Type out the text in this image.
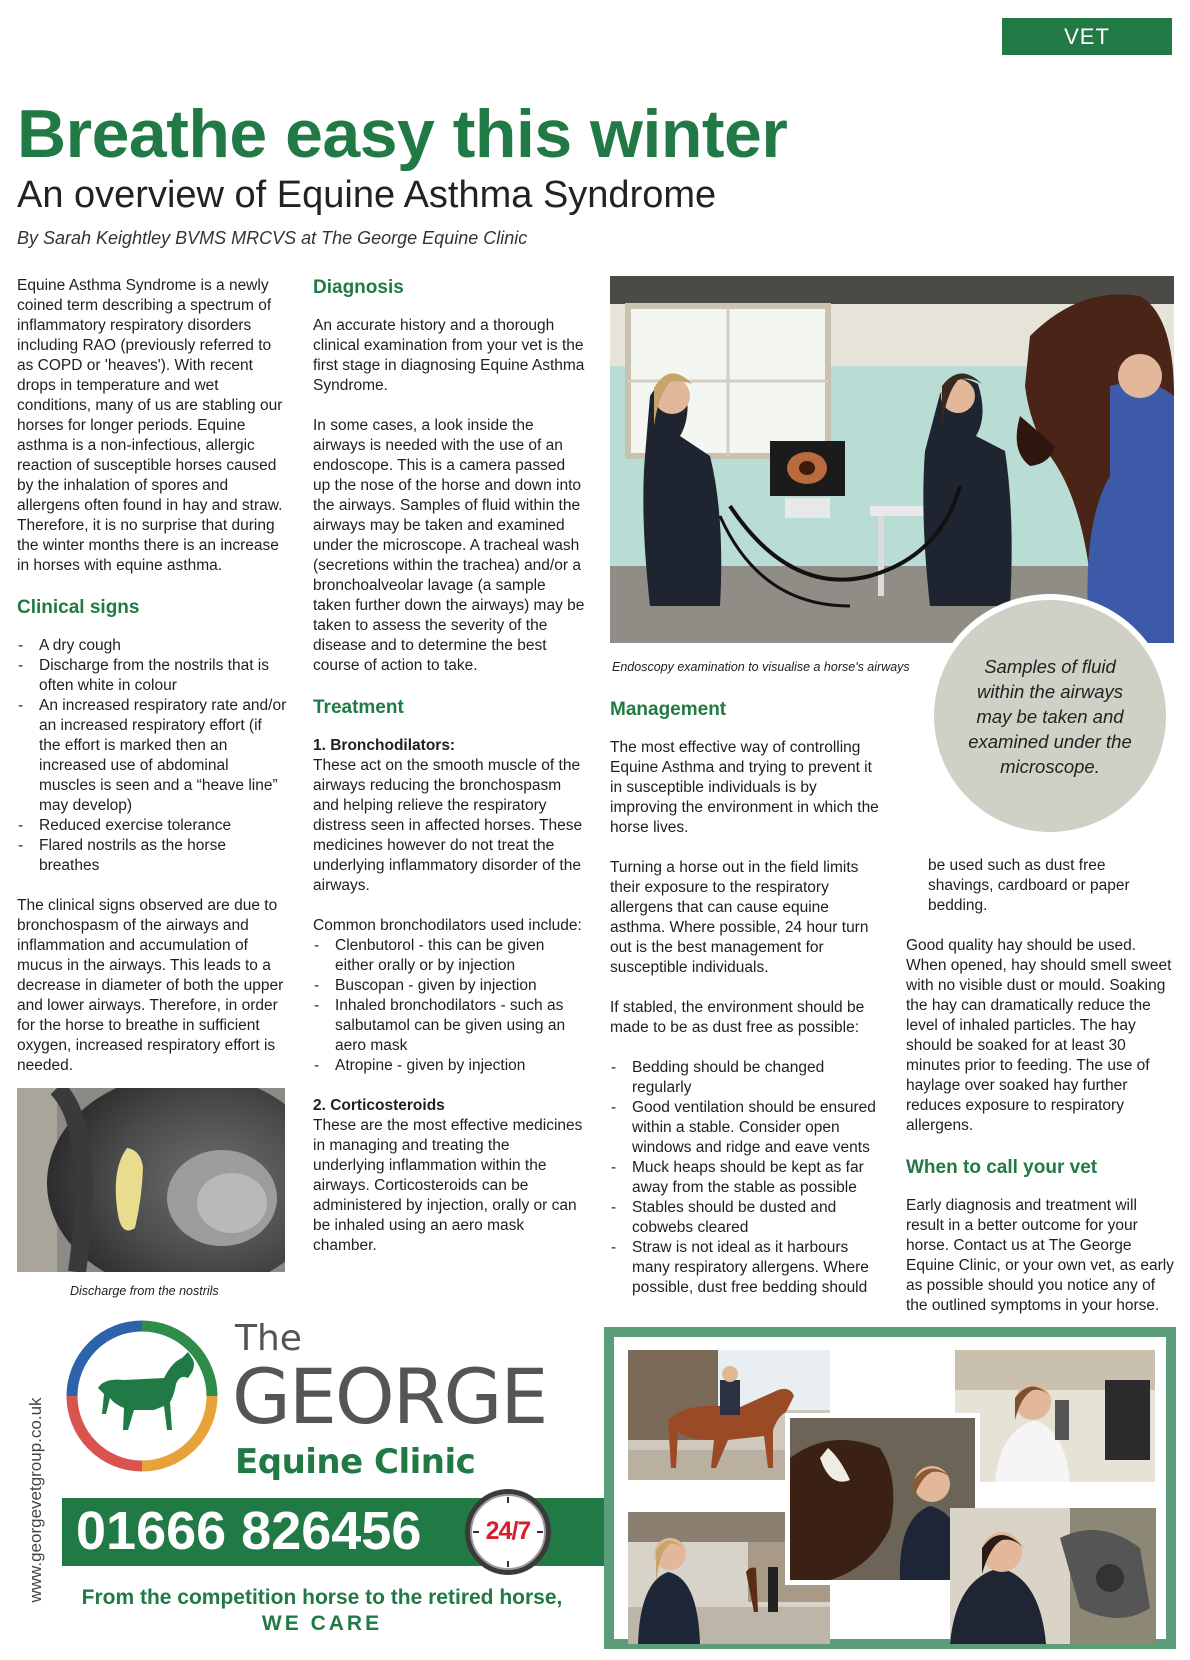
VET
Breathe easy this winter
An overview of Equine Asthma Syndrome
By Sarah Keightley BVMS MRCVS at The George Equine Clinic

Equine Asthma Syndrome is a newly coined term describing a spectrum of inflammatory respiratory disorders including RAO (previously referred to as COPD or 'heaves'). With recent drops in temperature and wet conditions, many of us are stabling our horses for longer periods. Equine asthma is a non-infectious, allergic reaction of susceptible horses caused by the inhalation of spores and allergens often found in hay and straw. Therefore, it is no surprise that during the winter months there is an increase in horses with equine asthma.

Clinical signs
- A dry cough
- Discharge from the nostrils that is often white in colour
- An increased respiratory rate and/or an increased respiratory effort (if the effort is marked then an increased use of abdominal muscles is seen and a “heave line” may develop)
- Reduced exercise tolerance
- Flared nostrils as the horse breathes

The clinical signs observed are due to bronchospasm of the airways and inflammation and accumulation of mucus in the airways. This leads to a decrease in diameter of both the upper and lower airways. Therefore, in order for the horse to breathe in sufficient oxygen, increased respiratory effort is needed.

Discharge from the nostrils
Diagnosis

An accurate history and a thorough clinical examination from your vet is the first stage in diagnosing Equine Asthma Syndrome.

In some cases, a look inside the airways is needed with the use of an endoscope. This is a camera passed up the nose of the horse and down into the airways. Samples of fluid within the airways may be taken and examined under the microscope. A tracheal wash (secretions within the trachea) and/or a bronchoalveolar lavage (a sample taken further down the airways) may be taken to assess the severity of the disease and to determine the best course of action to take.

Treatment

1. Bronchodilators:
These act on the smooth muscle of the airways reducing the bronchospasm and helping relieve the respiratory distress seen in affected horses. These medicines however do not treat the underlying inflammatory disorder of the airways.

Common bronchodilators used include:

- Clenbutorol - this can be given either orally or by injection
- Buscopan - given by injection
- Inhaled bronchodilators - such as salbutamol can be given using an aero mask
- Atropine - given by injection

2. Corticosteroids
These are the most effective medicines in managing and treating the underlying inflammation within the airways. Corticosteroids can be administered by injection, orally or can be inhaled using an aero mask chamber.

Endoscopy examination to visualise a horse's airways	Samples of fluid within the airways may be taken and examined under the microscope.
Management

The most effective way of controlling Equine Asthma and trying to prevent it in susceptible individuals is by improving the environment in which the horse lives.

Turning a horse out in the field limits their exposure to the respiratory allergens that can cause equine asthma. Where possible, 24 hour turn out is the best management for susceptible individuals.

If stabled, the environment should be made to be as dust free as possible:

- Bedding should be changed regularly
- Good ventilation should be ensured within a stable. Consider open windows and ridge and eave vents
- Muck heaps should be kept as far away from the stable as possible
- Stables should be dusted and cobwebs cleared
- Straw is not ideal as it harbours many respiratory allergens. Where possible, dust free bedding should

be used such as dust free shavings, cardboard or paper bedding.

Good quality hay should be used. When opened, hay should smell sweet with no visible dust or mould. Soaking the hay can dramatically reduce the level of inhaled particles. The hay should be soaked for at least 30 minutes prior to feeding. The use of haylage over soaked hay further reduces exposure to respiratory allergens.

When to call your vet

Early diagnosis and treatment will result in a better outcome for your horse. Contact us at The George Equine Clinic, or your own vet, as early as possible should you notice any of the outlined symptoms in your horse.

www.georgevetgroup.co.uk
The
GEORGE
Equine Clinic
01666 826456	24/7
From the competition horse to the retired horse,
WE CARE
